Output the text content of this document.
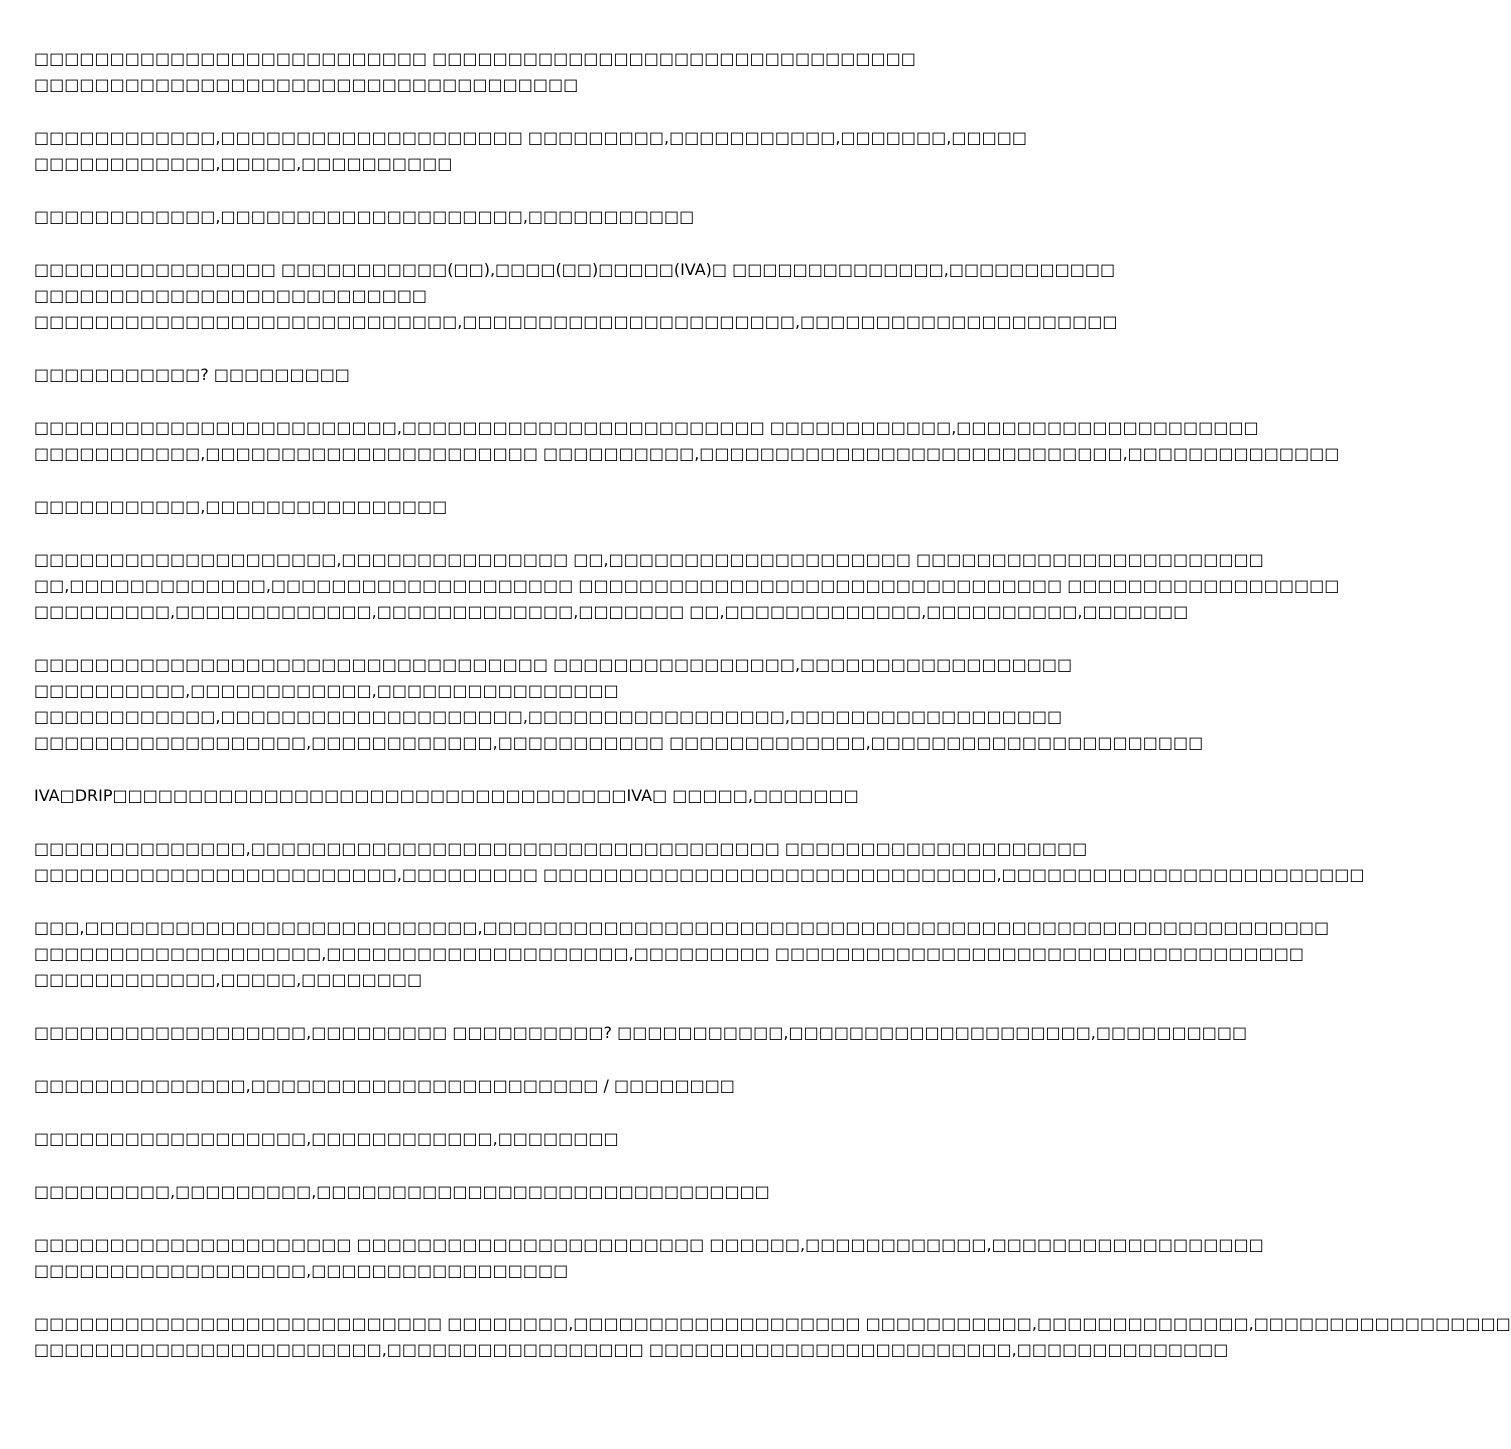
□□□□□□□□□□□□□□□□□□□□□□□□□□ □□□□□□□□□□□□□□□□□□□□□□□□□□□□□□□□
□□□□□□□□□□□□□□□□□□□□□□□□□□□□□□□□□□□□

□□□□□□□□□□□□,□□□□□□□□□□□□□□□□□□□□ □□□□□□□□□,□□□□□□□□□□□,□□□□□□□,□□□□□
□□□□□□□□□□□□,□□□□□,□□□□□□□□□□

□□□□□□□□□□□□,□□□□□□□□□□□□□□□□□□□□,□□□□□□□□□□□

□□□□□□□□□□□□□□□□ □□□□□□□□□□□(□□),□□□□(□□)□□□□□(IVA)□ □□□□□□□□□□□□□□,□□□□□□□□□□□
□□□□□□□□□□□□□□□□□□□□□□□□□□
□□□□□□□□□□□□□□□□□□□□□□□□□□□□,□□□□□□□□□□□□□□□□□□□□□□,□□□□□□□□□□□□□□□□□□□□□

□□□□□□□□□□□? □□□□□□□□□

□□□□□□□□□□□□□□□□□□□□□□□□,□□□□□□□□□□□□□□□□□□□□□□□□ □□□□□□□□□□□□,□□□□□□□□□□□□□□□□□□□□
□□□□□□□□□□□,□□□□□□□□□□□□□□□□□□□□□□ □□□□□□□□□□,□□□□□□□□□□□□□□□□□□□□□□□□□□□□,□□□□□□□□□□□□□□

□□□□□□□□□□□,□□□□□□□□□□□□□□□□

□□□□□□□□□□□□□□□□□□□□,□□□□□□□□□□□□□□□ □□,□□□□□□□□□□□□□□□□□□□□ □□□□□□□□□□□□□□□□□□□□□□□
□□,□□□□□□□□□□□□□,□□□□□□□□□□□□□□□□□□□□ □□□□□□□□□□□□□□□□□□□□□□□□□□□□□□□□ □□□□□□□□□□□□□□□□□□
□□□□□□□□□,□□□□□□□□□□□□□,□□□□□□□□□□□□□,□□□□□□□ □□,□□□□□□□□□□□□□,□□□□□□□□□□,□□□□□□□

□□□□□□□□□□□□□□□□□□□□□□□□□□□□□□□□□□ □□□□□□□□□□□□□□□□,□□□□□□□□□□□□□□□□□□
□□□□□□□□□□,□□□□□□□□□□□□,□□□□□□□□□□□□□□□□
□□□□□□□□□□□□,□□□□□□□□□□□□□□□□□□□□,□□□□□□□□□□□□□□□□□,□□□□□□□□□□□□□□□□□□
□□□□□□□□□□□□□□□□□□,□□□□□□□□□□□□,□□□□□□□□□□□ □□□□□□□□□□□□□,□□□□□□□□□□□□□□□□□□□□□□

IVA□DRIP□□□□□□□□□□□□□□□□□□□□□□□□□□□□□□□□□□IVA□ □□□□□,□□□□□□□

□□□□□□□□□□□□□□,□□□□□□□□□□□□□□□□□□□□□□□□□□□□□□□□□□□ □□□□□□□□□□□□□□□□□□□□
□□□□□□□□□□□□□□□□□□□□□□□□,□□□□□□□□□ □□□□□□□□□□□□□□□□□□□□□□□□□□□□□□,□□□□□□□□□□□□□□□□□□□□□□□□

□□□,□□□□□□□□□□□□□□□□□□□□□□□□□□,□□□□□□□□□□□□□□□□□□□□□□□□□□□□□□□□□□□□□□□□□□□□□□□□□□□□□□□□
□□□□□□□□□□□□□□□□□□□,□□□□□□□□□□□□□□□□□□□□,□□□□□□□□□ □□□□□□□□□□□□□□□□□□□□□□□□□□□□□□□□□□□
□□□□□□□□□□□□,□□□□□,□□□□□□□□

□□□□□□□□□□□□□□□□□□,□□□□□□□□□ □□□□□□□□□□? □□□□□□□□□□□,□□□□□□□□□□□□□□□□□□□□,□□□□□□□□□□

□□□□□□□□□□□□□□,□□□□□□□□□□□□□□□□□□□□□□□ / □□□□□□□□

□□□□□□□□□□□□□□□□□□,□□□□□□□□□□□□,□□□□□□□□

□□□□□□□□□,□□□□□□□□□,□□□□□□□□□□□□□□□□□□□□□□□□□□□□□□

□□□□□□□□□□□□□□□□□□□□□ □□□□□□□□□□□□□□□□□□□□□□□ □□□□□□,□□□□□□□□□□□□,□□□□□□□□□□□□□□□□□□
□□□□□□□□□□□□□□□□□□,□□□□□□□□□□□□□□□□□

□□□□□□□□□□□□□□□□□□□□□□□□□□□ □□□□□□□□,□□□□□□□□□□□□□□□□□□□ □□□□□□□□□□□,□□□□□□□□□□□□□□,□□□□□□□□□□□□□□□□□
□□□□□□□□□□□□□□□□□□□□□□□,□□□□□□□□□□□□□□□□□ □□□□□□□□□□□□□□□□□□□□□□□□,□□□□□□□□□□□□□□
